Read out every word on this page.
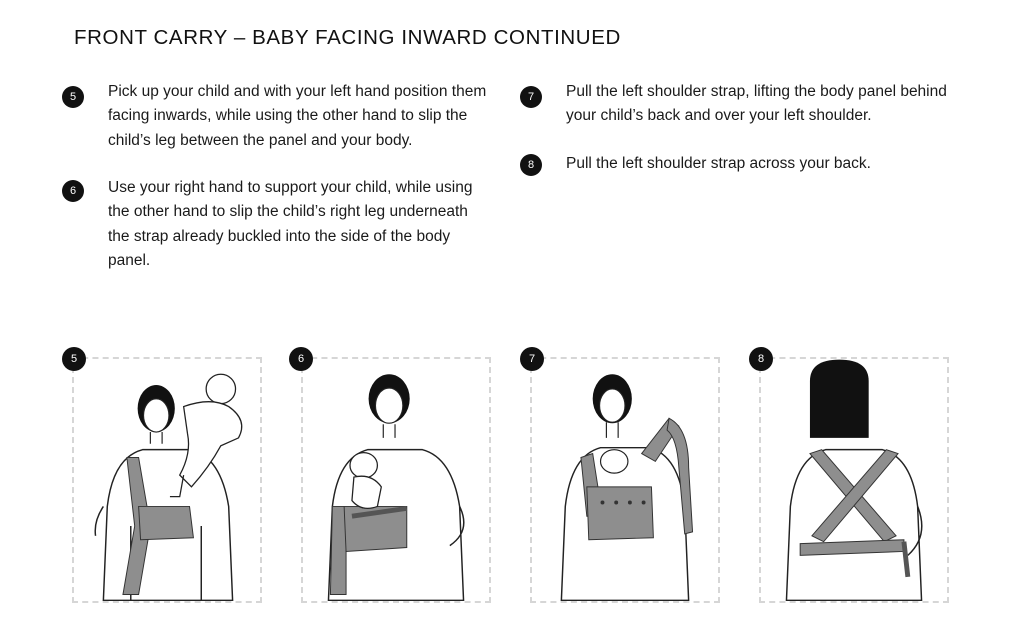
FRONT CARRY – BABY FACING INWARD CONTINUED
5	Pick up your child and with your left hand position them facing inwards, while using the other hand to slip the child’s leg between the panel and your body.
6	Use your right hand to support your child, while using the other hand to slip the child’s right leg underneath the strap already buckled into the side of the body panel.
7	Pull the left shoulder strap, lifting the body panel behind your child’s back and over your left shoulder.
8	Pull the left shoulder strap across your back.
5	6	7	8
